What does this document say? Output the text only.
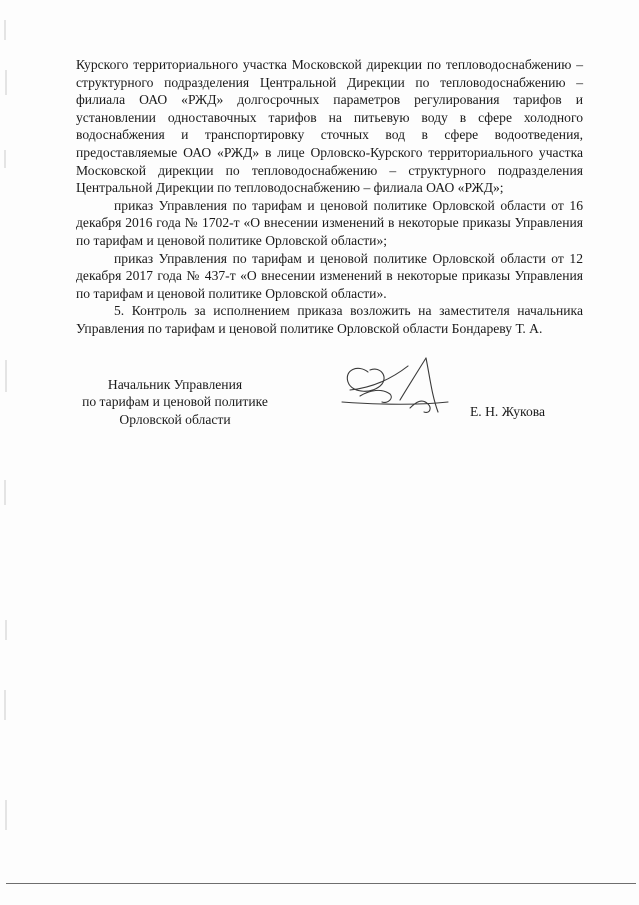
Курского территориального участка Московской дирекции по тепловодоснабжению – структурного подразделения Центральной Дирекции по тепловодоснабжению – филиала ОАО «РЖД» долгосрочных параметров регулирования тарифов и установлении одноставочных тарифов на питьевую воду в сфере холодного водоснабжения и транспортировку сточных вод в сфере водоотведения, предоставляемые ОАО «РЖД» в лице Орловско-Курского территориального участка Московской дирекции по тепловодоснабжению – структурного подразделения Центральной Дирекции по тепловодоснабжению – филиала ОАО «РЖД»;

приказ Управления по тарифам и ценовой политике Орловской области от 16 декабря 2016 года № 1702-т «О внесении изменений в некоторые приказы Управления по тарифам и ценовой политике Орловской области»;

приказ Управления по тарифам и ценовой политике Орловской области от 12 декабря 2017 года № 437-т «О внесении изменений в некоторые приказы Управления по тарифам и ценовой политике Орловской области».

5. Контроль за исполнением приказа возложить на заместителя начальника Управления по тарифам и ценовой политике Орловской области Бондареву Т. А.

Начальник Управления
по тарифам и ценовой политике
Орловской области
Е. Н. Жукова
